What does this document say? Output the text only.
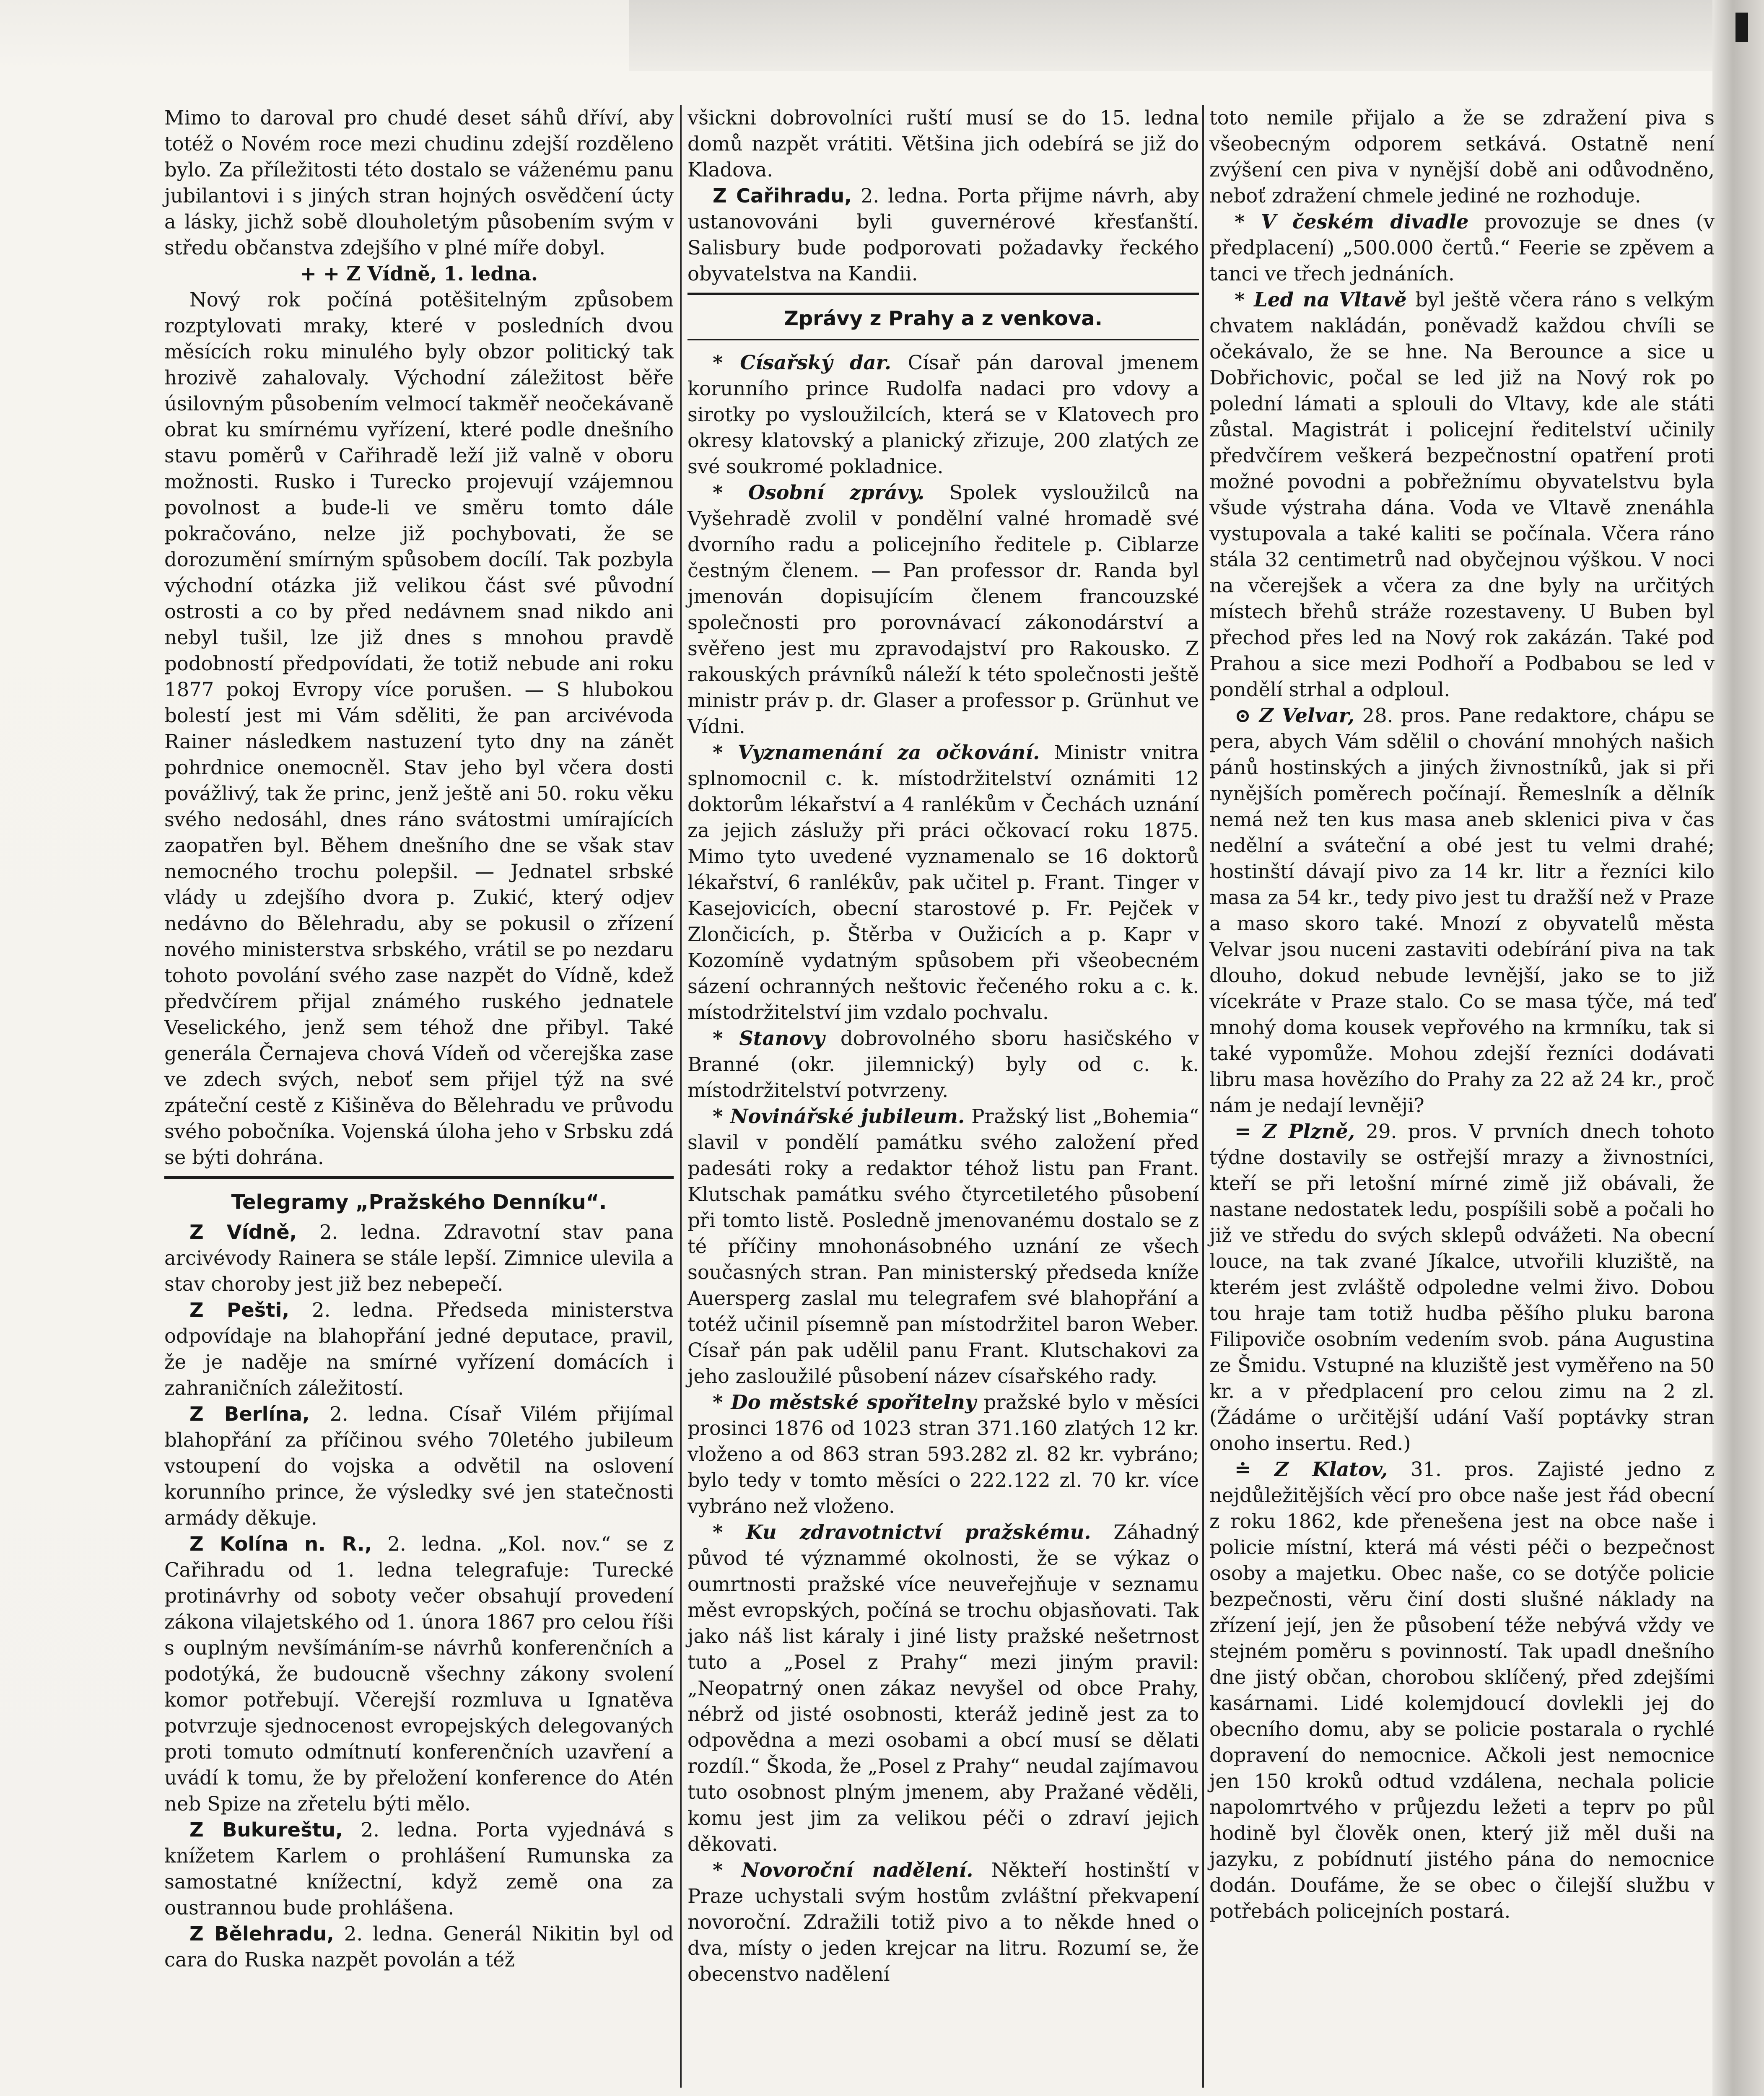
Mimo to daroval pro chudé deset sáhů dříví, aby totéž o Novém roce mezi chudinu zdejší rozděleno bylo. Za příležitosti této dostalo se váženému panu jubilantovi i s jiných stran hojných osvědčení úcty a lásky, jichž sobě dlouholetým působením svým v středu občanstva zdejšího v plné míře dobyl.

+ + Z Vídně, 1. ledna.

Nový rok počíná potěšitelným způsobem rozptylovati mraky, které v posledních dvou měsících roku minulého byly obzor politický tak hrozivě zahalovaly. Východní záležitost běře úsilovným působením velmocí takměř neočekávaně obrat ku smírnému vyřízení, které podle dnešního stavu poměrů v Cařihradě leží již valně v oboru možnosti. Rusko i Turecko projevují vzájemnou povolnost a bude-li ve směru tomto dále pokračováno, nelze již pochybovati, že se dorozumění smírným spůsobem docílí. Tak pozbyla východní otázka již velikou část své původní ostrosti a co by před nedávnem snad nikdo ani nebyl tušil, lze již dnes s mnohou pravdě podobností předpovídati, že totiž nebude ani roku 1877 pokoj Evropy více porušen. — S hlubokou bolestí jest mi Vám sděliti, že pan arcivévoda Rainer následkem nastuzení tyto dny na zánět pohrdnice onemocněl. Stav jeho byl včera dosti povážlivý, tak že princ, jenž ještě ani 50. roku věku svého nedosáhl, dnes ráno svátostmi umírajících zaopatřen byl. Během dnešního dne se však stav nemocného trochu polepšil. — Jednatel srbské vlády u zdejšího dvora p. Zukić, který odjev nedávno do Bělehradu, aby se pokusil o zřízení nového ministerstva srbského, vrátil se po nezdaru tohoto povolání svého zase nazpět do Vídně, kdež předvčírem přijal známého ruského jednatele Veselického, jenž sem téhož dne přibyl. Také generála Černajeva chová Vídeň od včerejška zase ve zdech svých, neboť sem přijel týž na své zpáteční cestě z Kišiněva do Bělehradu ve průvodu svého pobočníka. Vojenská úloha jeho v Srbsku zdá se býti dohrána.

Telegramy „Pražského Denníku“.

Z Vídně, 2. ledna. Zdravotní stav pana arcivévody Rainera se stále lepší. Zimnice ulevila a stav choroby jest již bez nebepečí.

Z Pešti, 2. ledna. Předseda ministerstva odpovídaje na blahopřání jedné deputace, pravil, že je naděje na smírné vyřízení domácích i zahraničních záležitostí.

Z Berlína, 2. ledna. Císař Vilém přijímal blahopřání za příčinou svého 70letého jubileum vstoupení do vojska a odvětil na oslovení korunního prince, že výsledky své jen statečnosti armády děkuje.

Z Kolína n. R., 2. ledna. „Kol. nov.“ se z Cařihradu od 1. ledna telegrafuje: Turecké protinávrhy od soboty večer obsahují provedení zákona vilajetského od 1. února 1867 pro celou říši s ouplným nevšímáním-se návrhů konferenčních a podotýká, že budoucně všechny zákony svolení komor potřebují. Včerejší rozmluva u Ignatěva potvrzuje sjednocenost evropejských delegovaných proti tomuto odmítnutí konferenčních uzavření a uvádí k tomu, že by přeložení konference do Atén neb Spize na zřetelu býti mělo.

Z Bukureštu, 2. ledna. Porta vyjednává s knížetem Karlem o prohlášení Rumunska za samostatné knížectní, když země ona za oustrannou bude prohlášena.

Z Bělehradu, 2. ledna. Generál Nikitin byl od cara do Ruska nazpět povolán a též

všickni dobrovolníci ruští musí se do 15. ledna domů nazpět vrátiti. Většina jich odebírá se již do Kladova.

Z Cařihradu, 2. ledna. Porta přijme návrh, aby ustanovováni byli guvernérové křesťanští. Salisbury bude podporovati požadavky řeckého obyvatelstva na Kandii.

Zprávy z Prahy a z venkova.

* Císařský dar. Císař pán daroval jmenem korunního prince Rudolfa nadaci pro vdovy a sirotky po vysloužilcích, která se v Klatovech pro okresy klatovský a planický zřizuje, 200 zlatých ze své soukromé pokladnice.

* Osobní zprávy. Spolek vysloužilců na Vyšehradě zvolil v pondělní valné hromadě své dvorního radu a policejního ředitele p. Ciblarze čestným členem. — Pan professor dr. Randa byl jmenován dopisujícím členem francouzské společnosti pro porovnávací zákonodárství a svěřeno jest mu zpravodajství pro Rakousko. Z rakouských právníků náleží k této společnosti ještě ministr práv p. dr. Glaser a professor p. Grünhut ve Vídni.

* Vyznamenání za očkování. Ministr vnitra splnomocnil c. k. místodržitelství oznámiti 12 doktorům lékařství a 4 ranlékům v Čechách uznání za jejich záslužy při práci očkovací roku 1875. Mimo tyto uvedené vyznamenalo se 16 doktorů lékařství, 6 ranlékův, pak učitel p. Frant. Tinger v Kasejovicích, obecní starostové p. Fr. Pejček v Zlončicích, p. Štěrba v Oužicích a p. Kapr v Kozomíně vydatným spůsobem při všeobecném sázení ochranných neštovic řečeného roku a c. k. místodržitelství jim vzdalo pochvalu.

* Stanovy dobrovolného sboru hasičského v Branné (okr. jilemnický) byly od c. k. místodržitelství potvrzeny.

* Novinářské jubileum. Pražský list „Bohemia“ slavil v pondělí památku svého založení před padesáti roky a redaktor téhož listu pan Frant. Klutschak památku svého čtyrcetiletého působení při tomto listě. Posledně jmenovanému dostalo se z té příčiny mnohonásobného uznání ze všech současných stran. Pan ministerský předseda kníže Auersperg zaslal mu telegrafem své blahopřání a totéž učinil písemně pan místodržitel baron Weber. Císař pán pak udělil panu Frant. Klutschakovi za jeho zasloužilé působení název císařského rady.

* Do městské spořitelny pražské bylo v měsíci prosinci 1876 od 1023 stran 371.160 zlatých 12 kr. vloženo a od 863 stran 593.282 zl. 82 kr. vybráno; bylo tedy v tomto měsíci o 222.122 zl. 70 kr. více vybráno než vloženo.

* Ku zdravotnictví pražskému. Záhadný původ té význammé okolnosti, že se výkaz o oumrtnosti pražské více neuveřejňuje v seznamu měst evropských, počíná se trochu objasňovati. Tak jako náš list káraly i jiné listy pražské nešetrnost tuto a „Posel z Prahy“ mezi jiným pravil: „Neopatrný onen zákaz nevyšel od obce Prahy, nébrž od jisté osobnosti, kteráž jedině jest za to odpovědna a mezi osobami a obcí musí se dělati rozdíl.“ Škoda, že „Posel z Prahy“ neudal zajímavou tuto osobnost plným jmenem, aby Pražané věděli, komu jest jim za velikou péči o zdraví jejich děkovati.

* Novoroční nadělení. Někteří hostinští v Praze uchystali svým hostům zvláštní překvapení novoroční. Zdražili totiž pivo a to někde hned o dva, místy o jeden krejcar na litru. Rozumí se, že obecenstvo nadělení

toto nemile přijalo a že se zdražení piva s všeobecným odporem setkává. Ostatně není zvýšení cen piva v nynější době ani odůvodněno, neboť zdražení chmele jediné ne rozhoduje.

* V českém divadle provozuje se dnes (v předplacení) „500.000 čertů.“ Feerie se zpěvem a tanci ve třech jednáních.

* Led na Vltavě byl ještě včera ráno s velkým chvatem nakládán, poněvadž každou chvíli se očekávalo, že se hne. Na Berounce a sice u Dobřichovic, počal se led již na Nový rok po polední lámati a splouli do Vltavy, kde ale státi zůstal. Magistrát i policejní ředitelství učinily předvčírem veškerá bezpečnostní opatření proti možné povodni a pobřežnímu obyvatelstvu byla všude výstraha dána. Voda ve Vltavě znenáhla vystupovala a také kaliti se počínala. Včera ráno stála 32 centimetrů nad obyčejnou výškou. V noci na včerejšek a včera za dne byly na určitých místech břehů stráže rozestaveny. U Buben byl přechod přes led na Nový rok zakázán. Také pod Prahou a sice mezi Podhoří a Podbabou se led v pondělí strhal a odploul.

⊙ Z Velvar, 28. pros. Pane redaktore, chápu se pera, abych Vám sdělil o chování mnohých našich pánů hostinských a jiných živnostníků, jak si při nynějších poměrech počínají. Řemeslník a dělník nemá než ten kus masa aneb sklenici piva v čas nedělní a sváteční a obé jest tu velmi drahé; hostinští dávají pivo za 14 kr. litr a řezníci kilo masa za 54 kr., tedy pivo jest tu dražší než v Praze a maso skoro také. Mnozí z obyvatelů města Velvar jsou nuceni zastaviti odebírání piva na tak dlouho, dokud nebude levnější, jako se to již vícekráte v Praze stalo. Co se masa týče, má teď mnohý doma kousek vepřového na krmníku, tak si také vypomůže. Mohou zdejší řezníci dodávati libru masa hovězího do Prahy za 22 až 24 kr., proč nám je nedají levněji?

= Z Plzně, 29. pros. V prvních dnech tohoto týdne dostavily se ostřejší mrazy a živnostníci, kteří se při letošní mírné zimě již obávali, že nastane nedostatek ledu, pospíšili sobě a počali ho již ve středu do svých sklepů odvážeti. Na obecní louce, na tak zvané Jíkalce, utvořili kluziště, na kterém jest zvláště odpoledne velmi živo. Dobou tou hraje tam totiž hudba pěšího pluku barona Filipoviče osobním vedením svob. pána Augustina ze Šmidu. Vstupné na kluziště jest vyměřeno na 50 kr. a v předplacení pro celou zimu na 2 zl. (Žádáme o určitější udání Vaší poptávky stran onoho insertu. Red.)

≐ Z Klatov, 31. pros. Zajisté jedno z nejdůležitějších věcí pro obce naše jest řád obecní z roku 1862, kde přenešena jest na obce naše i policie místní, která má vésti péči o bezpečnost osoby a majetku. Obec naše, co se dotýče policie bezpečnosti, věru činí dosti slušné náklady na zřízení její, jen že působení téže nebývá vždy ve stejném poměru s povinností. Tak upadl dnešního dne jistý občan, chorobou sklíčený, před zdejšími kasárnami. Lidé kolemjdoucí dovlekli jej do obecního domu, aby se policie postarala o rychlé dopravení do nemocnice. Ačkoli jest nemocnice jen 150 kroků odtud vzdálena, nechala policie napolomrtvého v průjezdu ležeti a teprv po půl hodině byl člověk onen, který již měl duši na jazyku, z pobídnutí jistého pána do nemocnice dodán. Doufáme, že se obec o čilejší službu v potřebách policejních postará.
